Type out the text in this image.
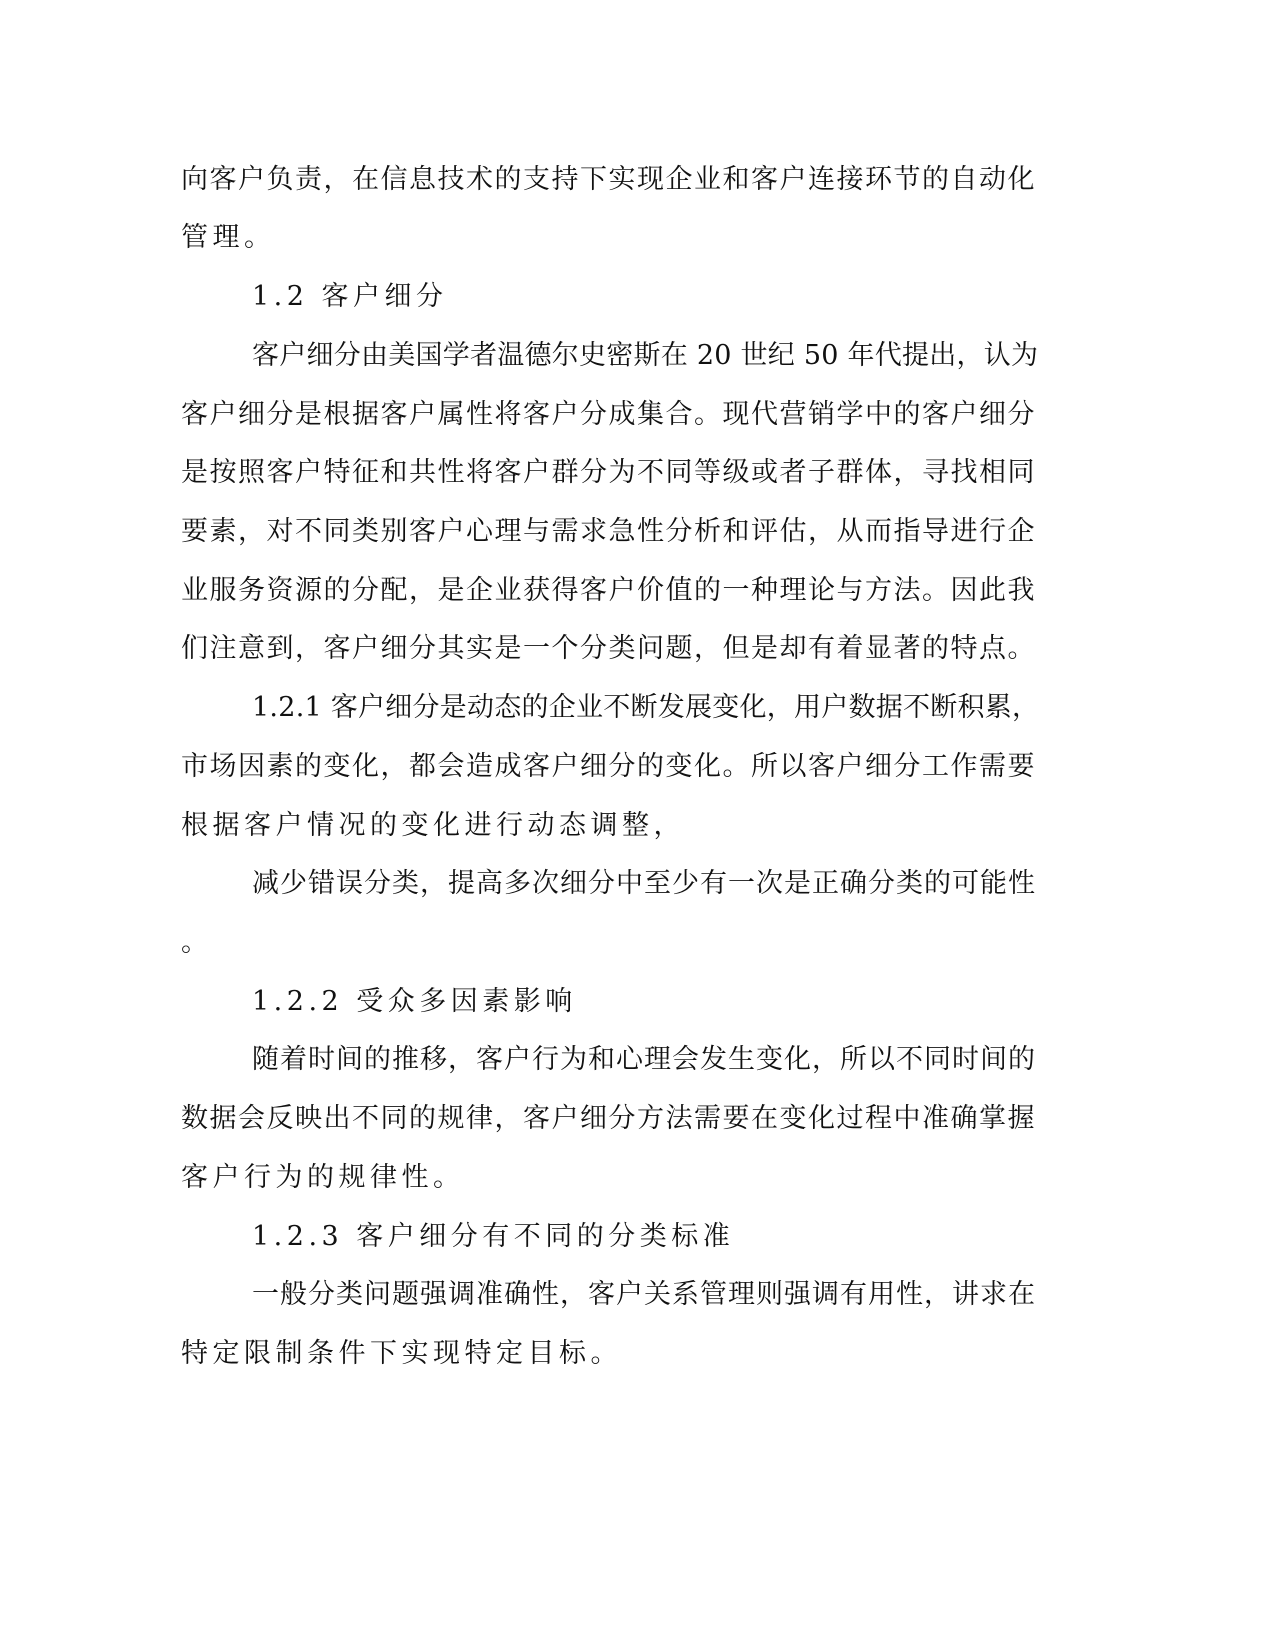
向客户负责，在信息技术的支持下实现企业和客户连接环节的自动化
管理。
1.2 客户细分
客户细分由美国学者温德尔史密斯在 20 世纪 50 年代提出，认为
客户细分是根据客户属性将客户分成集合。现代营销学中的客户细分
是按照客户特征和共性将客户群分为不同等级或者子群体，寻找相同
要素，对不同类别客户心理与需求急性分析和评估，从而指导进行企
业服务资源的分配，是企业获得客户价值的一种理论与方法。因此我
们注意到，客户细分其实是一个分类问题，但是却有着显著的特点。
1.2.1 客户细分是动态的企业不断发展变化，用户数据不断积累，
市场因素的变化，都会造成客户细分的变化。所以客户细分工作需要
根据客户情况的变化进行动态调整，
减少错误分类，提高多次细分中至少有一次是正确分类的可能性
。
1.2.2 受众多因素影响
随着时间的推移，客户行为和心理会发生变化，所以不同时间的
数据会反映出不同的规律，客户细分方法需要在变化过程中准确掌握
客户行为的规律性。
1.2.3 客户细分有不同的分类标准
一般分类问题强调准确性，客户关系管理则强调有用性，讲求在
特定限制条件下实现特定目标。
